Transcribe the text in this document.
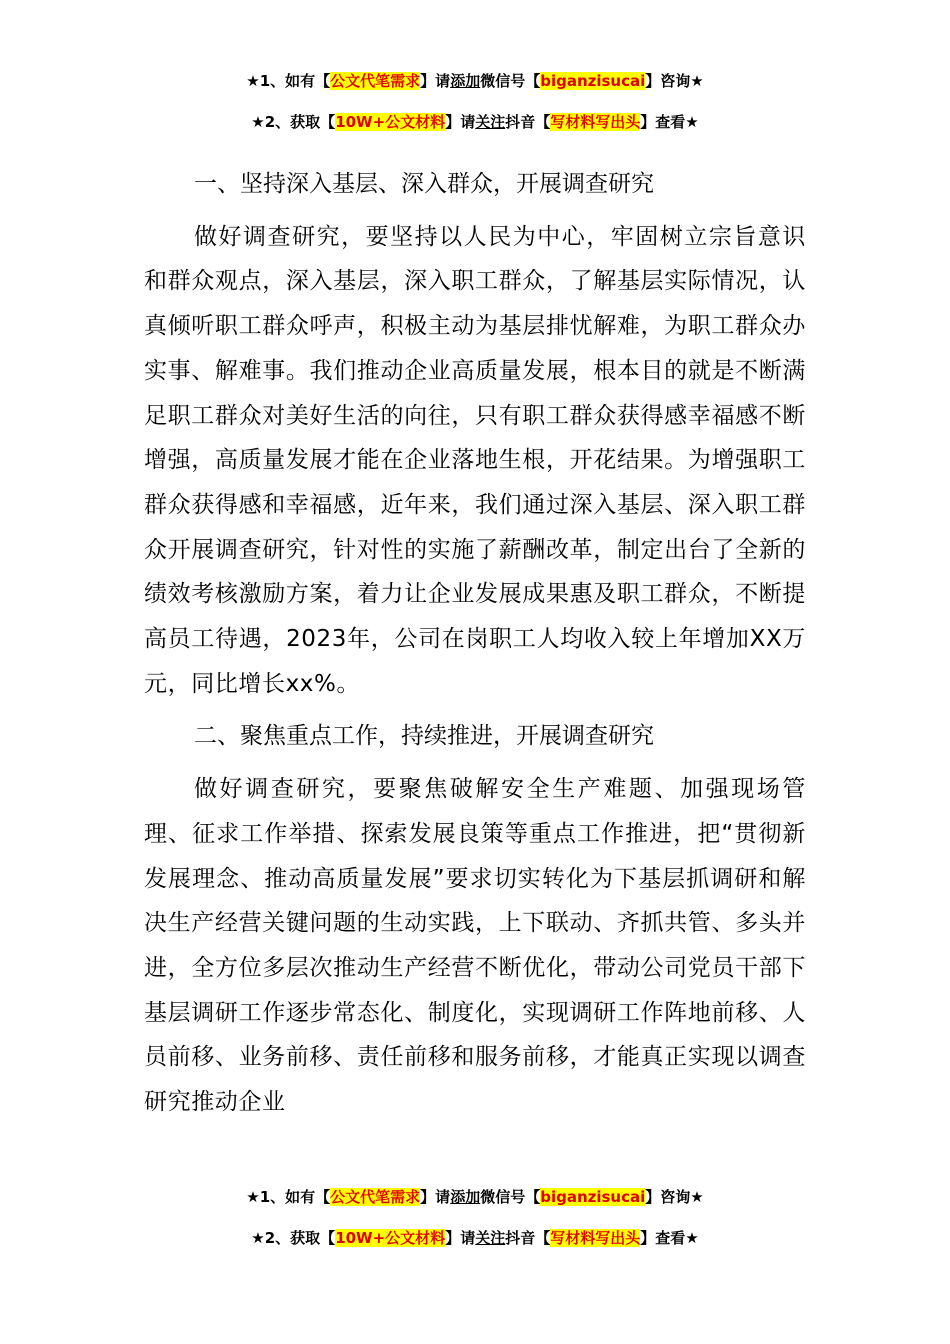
★1、如有【公文代笔需求】请添加微信号【biganzisucai】咨询★
★2、获取【10W+公文材料】请关注抖音【写材料写出头】查看★
一、坚持深入基层、深入群众，开展调查研究

做好调查研究，要坚持以人民为中心，牢固树立宗旨意识和群众观点，深入基层，深入职工群众，了解基层实际情况，认真倾听职工群众呼声，积极主动为基层排忧解难，为职工群众办实事、解难事。我们推动企业高质量发展，根本目的就是不断满足职工群众对美好生活的向往，只有职工群众获得感幸福感不断增强，高质量发展才能在企业落地生根，开花结果。为增强职工群众获得感和幸福感，近年来，我们通过深入基层、深入职工群众开展调查研究，针对性的实施了薪酬改革，制定出台了全新的绩效考核激励方案，着力让企业发展成果惠及职工群众，不断提高员工待遇，2023年，公司在岗职工人均收入较上年增加XX万元，同比增长xx%。

二、聚焦重点工作，持续推进，开展调查研究

做好调查研究，要聚焦破解安全生产难题、加强现场管理、征求工作举措、探索发展良策等重点工作推进，把“贯彻新发展理念、推动高质量发展”要求切实转化为下基层抓调研和解决生产经营关键问题的生动实践，上下联动、齐抓共管、多头并进，全方位多层次推动生产经营不断优化，带动公司党员干部下基层调研工作逐步常态化、制度化，实现调研工作阵地前移、人员前移、业务前移、责任前移和服务前移，才能真正实现以调查研究推动企业

★1、如有【公文代笔需求】请添加微信号【biganzisucai】咨询★
★2、获取【10W+公文材料】请关注抖音【写材料写出头】查看★
